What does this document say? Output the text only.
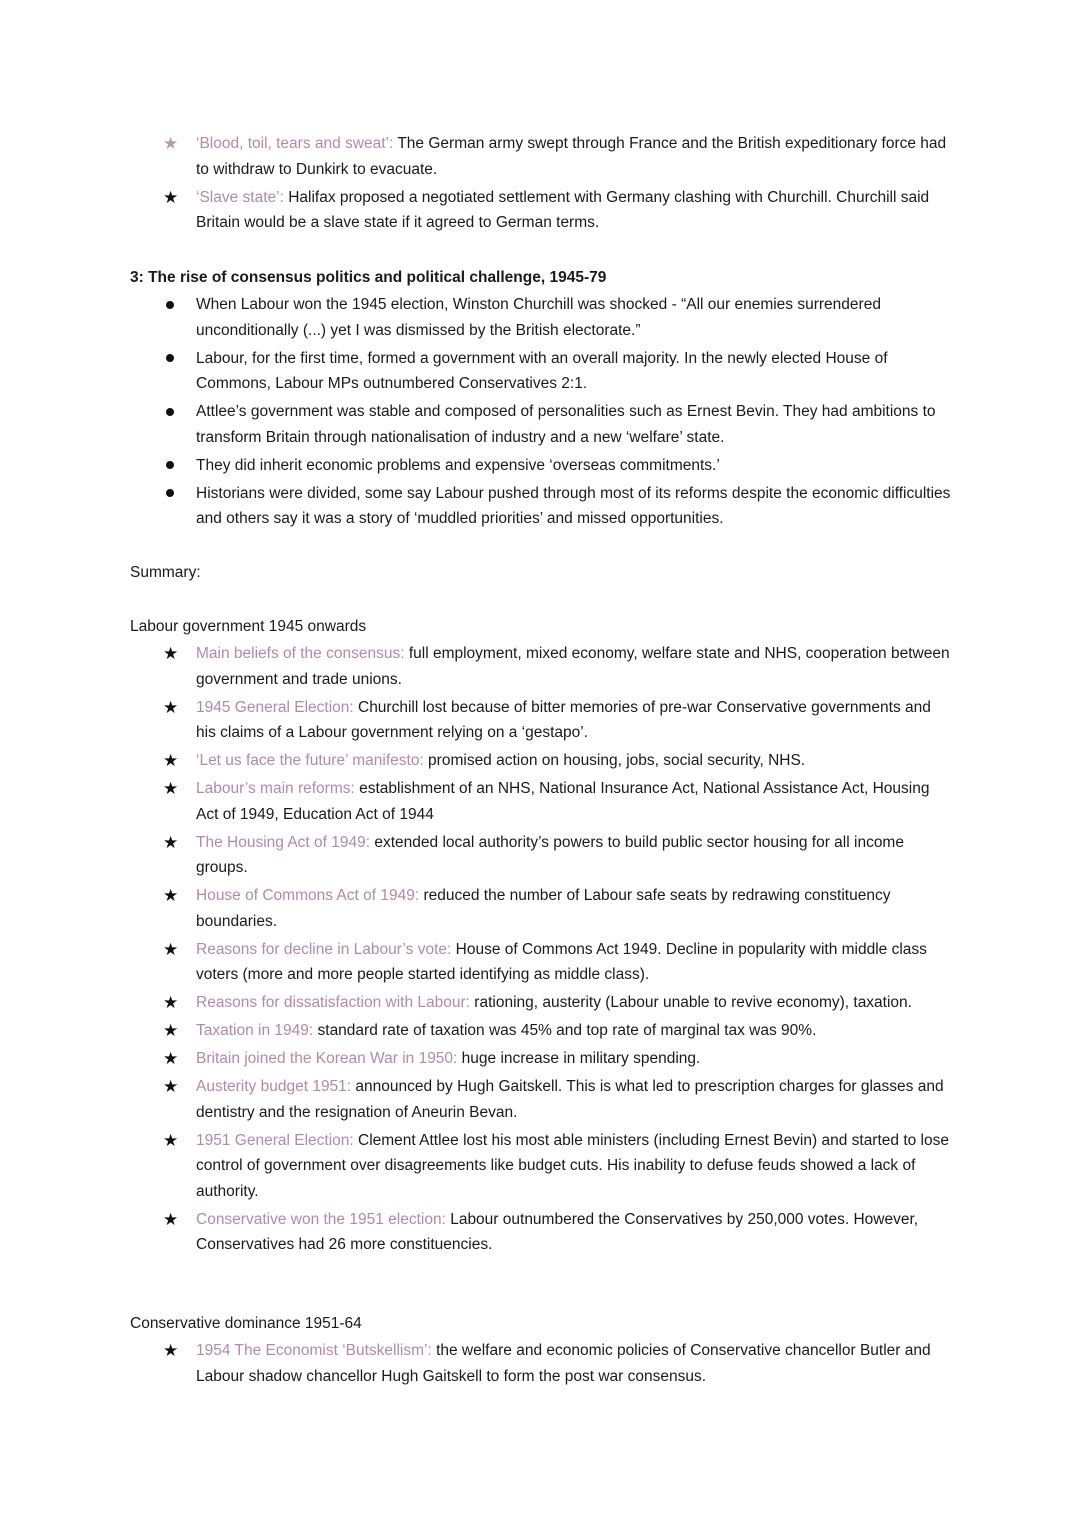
★ ‘Blood, toil, tears and sweat’: The German army swept through France and the British expeditionary force had to withdraw to Dunkirk to evacuate.
★ ‘Slave state’: Halifax proposed a negotiated settlement with Germany clashing with Churchill. Churchill said Britain would be a slave state if it agreed to German terms.
3: The rise of consensus politics and political challenge, 1945-79
When Labour won the 1945 election, Winston Churchill was shocked - “All our enemies surrendered unconditionally (...) yet I was dismissed by the British electorate.”
Labour, for the first time, formed a government with an overall majority. In the newly elected House of Commons, Labour MPs outnumbered Conservatives 2:1.
Attlee’s government was stable and composed of personalities such as Ernest Bevin. They had ambitions to transform Britain through nationalisation of industry and a new ‘welfare’ state.
They did inherit economic problems and expensive ‘overseas commitments.’
Historians were divided, some say Labour pushed through most of its reforms despite the economic difficulties and others say it was a story of ‘muddled priorities’ and missed opportunities.
Summary:
Labour government 1945 onwards
★ Main beliefs of the consensus: full employment, mixed economy, welfare state and NHS, cooperation between government and trade unions.
★ 1945 General Election: Churchill lost because of bitter memories of pre-war Conservative governments and his claims of a Labour government relying on a ‘gestapo’.
★ ‘Let us face the future’ manifesto: promised action on housing, jobs, social security, NHS.
★ Labour’s main reforms: establishment of an NHS, National Insurance Act, National Assistance Act, Housing Act of 1949, Education Act of 1944
★ The Housing Act of 1949: extended local authority’s powers to build public sector housing for all income groups.
★ House of Commons Act of 1949: reduced the number of Labour safe seats by redrawing constituency boundaries.
★ Reasons for decline in Labour’s vote: House of Commons Act 1949. Decline in popularity with middle class voters (more and more people started identifying as middle class).
★ Reasons for dissatisfaction with Labour: rationing, austerity (Labour unable to revive economy), taxation.
★ Taxation in 1949: standard rate of taxation was 45% and top rate of marginal tax was 90%.
★ Britain joined the Korean War in 1950: huge increase in military spending.
★ Austerity budget 1951: announced by Hugh Gaitskell. This is what led to prescription charges for glasses and dentistry and the resignation of Aneurin Bevan.
★ 1951 General Election: Clement Attlee lost his most able ministers (including Ernest Bevin) and started to lose control of government over disagreements like budget cuts. His inability to defuse feuds showed a lack of authority.
★ Conservative won the 1951 election: Labour outnumbered the Conservatives by 250,000 votes. However, Conservatives had 26 more constituencies.
Conservative dominance 1951-64
★ 1954 The Economist ‘Butskellism’: the welfare and economic policies of Conservative chancellor Butler and Labour shadow chancellor Hugh Gaitskell to form the post war consensus.
